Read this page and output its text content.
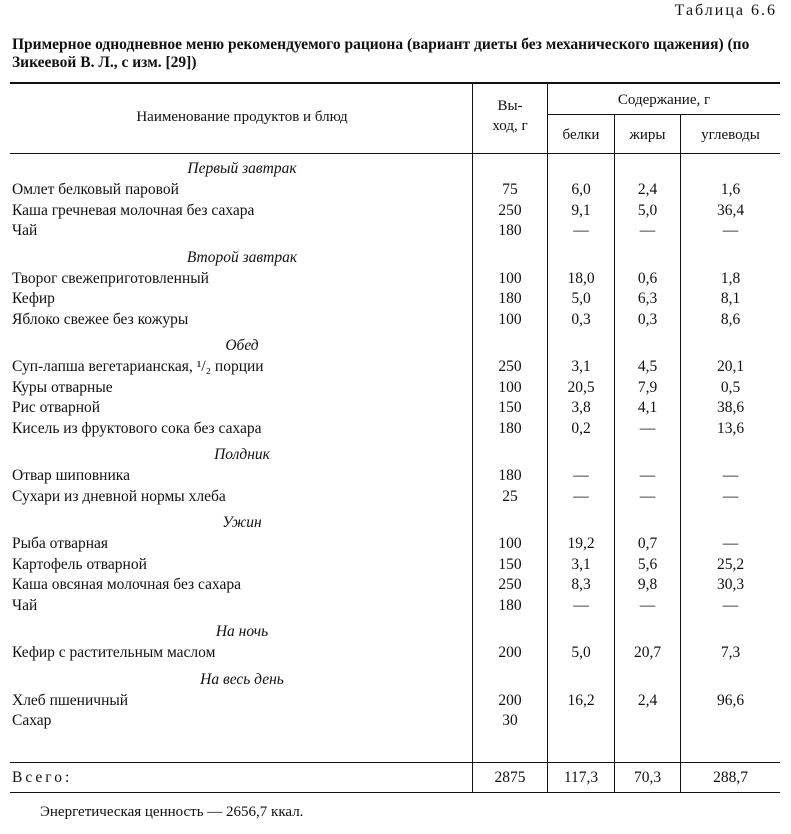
Таблица 6.6
Примерное однодневное меню рекомендуемого рациона (вариант диеты без механического щажения) (по Зикеевой В. Л., с изм. [29])
Наименование продуктов и блюд
Вы-
ход, г
Содержание, г
белки	жиры	углеводы
Первый завтрак
Омлет белковый паровой	75	6,0	2,4	1,6
Каша гречневая молочная без сахара	250	9,1	5,0	36,4
Чай	180	—	—	—
Второй завтрак
Творог свежеприготовленный	100	18,0	0,6	1,8
Кефир	180	5,0	6,3	8,1
Яблоко свежее без кожуры	100	0,3	0,3	8,6
Обед
Суп-лапша вегетарианская, ¹/₂ порции	250	3,1	4,5	20,1
Куры отварные	100	20,5	7,9	0,5
Рис отварной	150	3,8	4,1	38,6
Кисель из фруктового сока без сахара	180	0,2	—	13,6
Полдник
Отвар шиповника	180	—	—	—
Сухари из дневной нормы хлеба	25	—	—	—
Ужин
Рыба отварная	100	19,2	0,7	—
Картофель отварной	150	3,1	5,6	25,2
Каша овсяная молочная без сахара	250	8,3	9,8	30,3
Чай	180	—	—	—
На ночь
Кефир с растительным маслом	200	5,0	20,7	7,3
На весь день
Хлеб пшеничный	200	16,2	2,4	96,6
Сахар	30
Всего:	2875	117,3	70,3	288,7
Энергетическая ценность — 2656,7 ккал.
